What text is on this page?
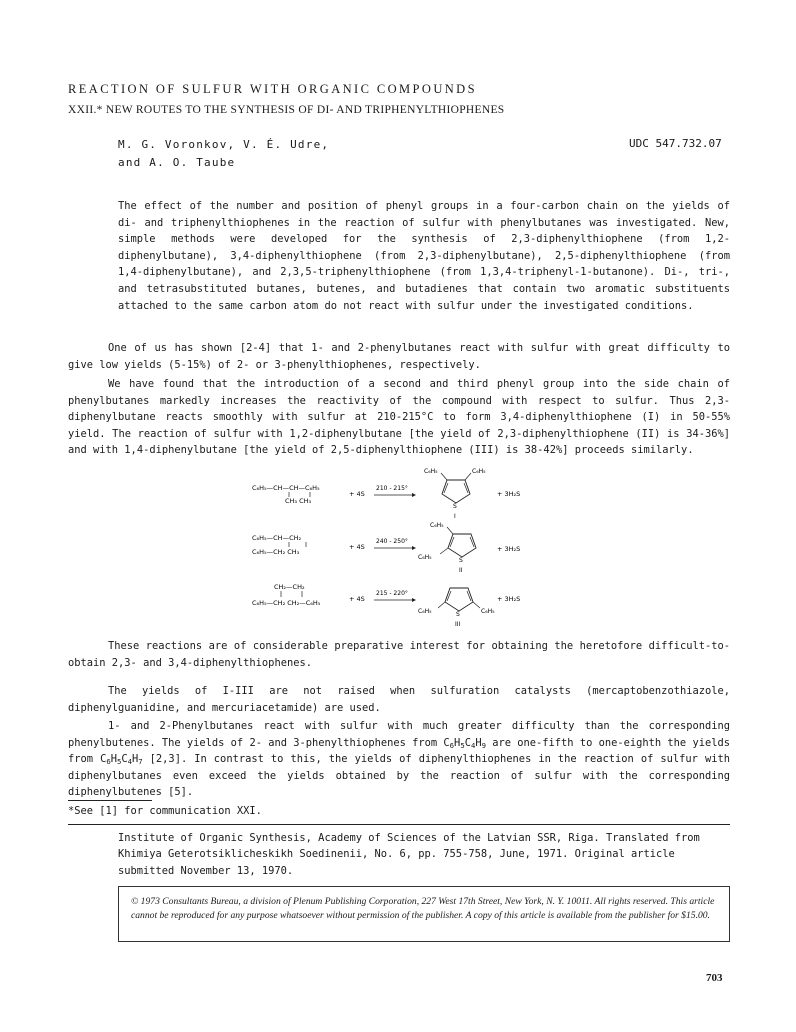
REACTION OF SULFUR WITH ORGANIC COMPOUNDS
XXII.* NEW ROUTES TO THE SYNTHESIS OF DI- AND TRIPHENYLTHIOPHENES
M. G. Voronkov, V. É. Udre,
and A. O. Taube
UDC 547.732.07
The effect of the number and position of phenyl groups in a four-carbon chain on the yields of di- and triphenylthiophenes in the reaction of sulfur with phenylbutanes was investigated. New, simple methods were developed for the synthesis of 2,3-diphenylthiophene (from 1,2-diphenylbutane), 3,4-diphenylthiophene (from 2,3-diphenylbutane), 2,5-diphenylthiophene (from 1,4-diphenylbutane), and 2,3,5-triphenylthiophene (from 1,3,4-triphenyl-1-butanone). Di-, tri-, and tetrasubstituted butanes, butenes, and butadienes that contain two aromatic substituents attached to the same carbon atom do not react with sulfur under the investigated conditions.

One of us has shown [2-4] that 1- and 2-phenylbutanes react with sulfur with great difficulty to give low yields (5-15%) of 2- or 3-phenylthiophenes, respectively.

We have found that the introduction of a second and third phenyl group into the side chain of phenylbutanes markedly increases the reactivity of the compound with respect to sulfur. Thus 2,3-diphenylbutane reacts smoothly with sulfur at 210-215°C to form 3,4-diphenylthiophene (I) in 50-55% yield. The reaction of sulfur with 1,2-diphenylbutane [the yield of 2,3-diphenylthiophene (II) is 34-36%] and with 1,4-diphenylbutane [the yield of 2,5-diphenylthiophene (III) is 38-42%] proceeds similarly.

C₆H₅—CH—CH—C₆H₅
CH₃ CH₃
+ 4S
210 - 215°
S
C₆H₅	C₆H₅
I
+ 3H₂S
C₆H₅—CH—CH₂
C₆H₅—CH₂ CH₃
+ 4S
240 - 250°
S
C₆H₅
C₆H₅
II
+ 3H₂S
CH₂—CH₂
C₆H₅—CH₂ CH₂—C₆H₅	+ 4S
215 - 220°
S
C₆H₅	C₆H₅
III
+ 3H₂S

These reactions are of considerable preparative interest for obtaining the heretofore difficult-to-obtain 2,3- and 3,4-diphenylthiophenes.

The yields of I-III are not raised when sulfuration catalysts (mercaptobenzothiazole, diphenylguanidine, and mercuriacetamide) are used.

1- and 2-Phenylbutanes react with sulfur with much greater difficulty than the corresponding phenylbutenes. The yields of 2- and 3-phenylthiophenes from $C_6H_5C_4H_9$ are one-fifth to one-eighth the yields from $C_6H_5C_4H_7$ [2,3]. In contrast to this, the yields of diphenylthiophenes in the reaction of sulfur with diphenylbutanes even exceed the yields obtained by the reaction of sulfur with the corresponding diphenylbutenes [5].

*See [1] for communication XXI.
Institute of Organic Synthesis, Academy of Sciences of the Latvian SSR, Riga. Translated from Khimiya Geterotsiklicheskikh Soedinenii, No. 6, pp. 755-758, June, 1971. Original article submitted November 13, 1970.
© 1973 Consultants Bureau, a division of Plenum Publishing Corporation, 227 West 17th Street, New York, N. Y. 10011. All rights reserved. This article cannot be reproduced for any purpose whatsoever without permission of the publisher. A copy of this article is available from the publisher for $15.00.
703
